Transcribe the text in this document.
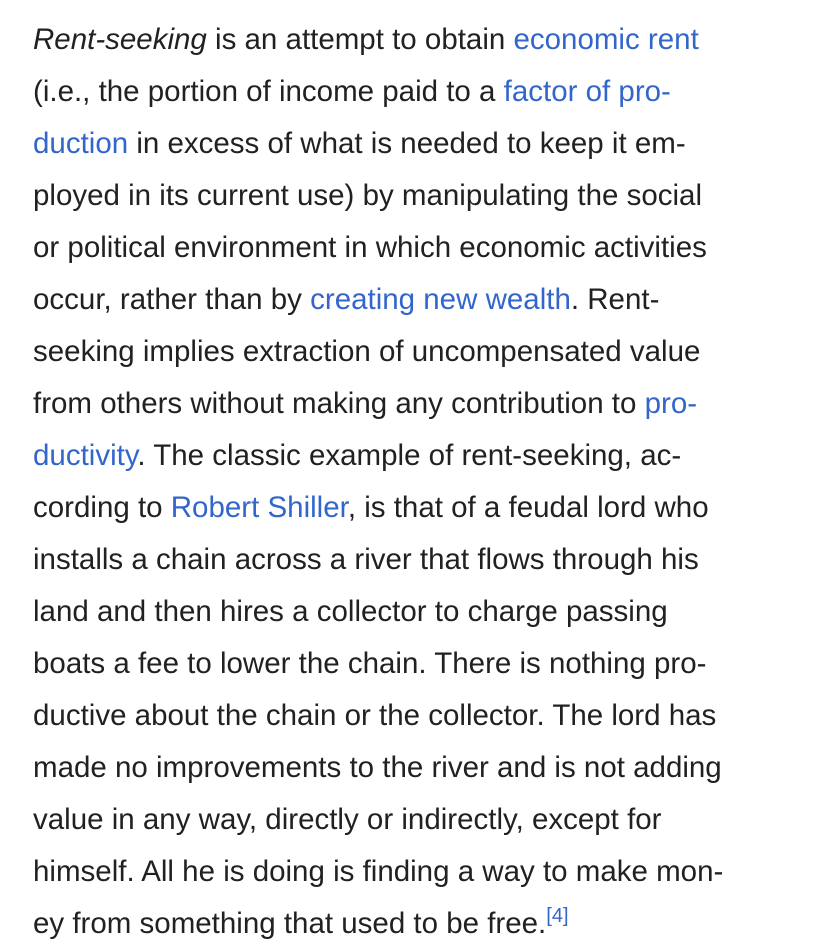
Rent-seeking is an attempt to obtain economic rent
(i.e., the portion of income paid to a factor of pro-
duction in excess of what is needed to keep it em-
ployed in its current use) by manipulating the social
or political environment in which economic activities
occur, rather than by creating new wealth. Rent-
seeking implies extraction of uncompensated value
from others without making any contribution to pro-
ductivity. The classic example of rent-seeking, ac-
cording to Robert Shiller, is that of a feudal lord who
installs a chain across a river that flows through his
land and then hires a collector to charge passing
boats a fee to lower the chain. There is nothing pro-
ductive about the chain or the collector. The lord has
made no improvements to the river and is not adding
value in any way, directly or indirectly, except for
himself. All he is doing is finding a way to make mon-
ey from something that used to be free.[4]
